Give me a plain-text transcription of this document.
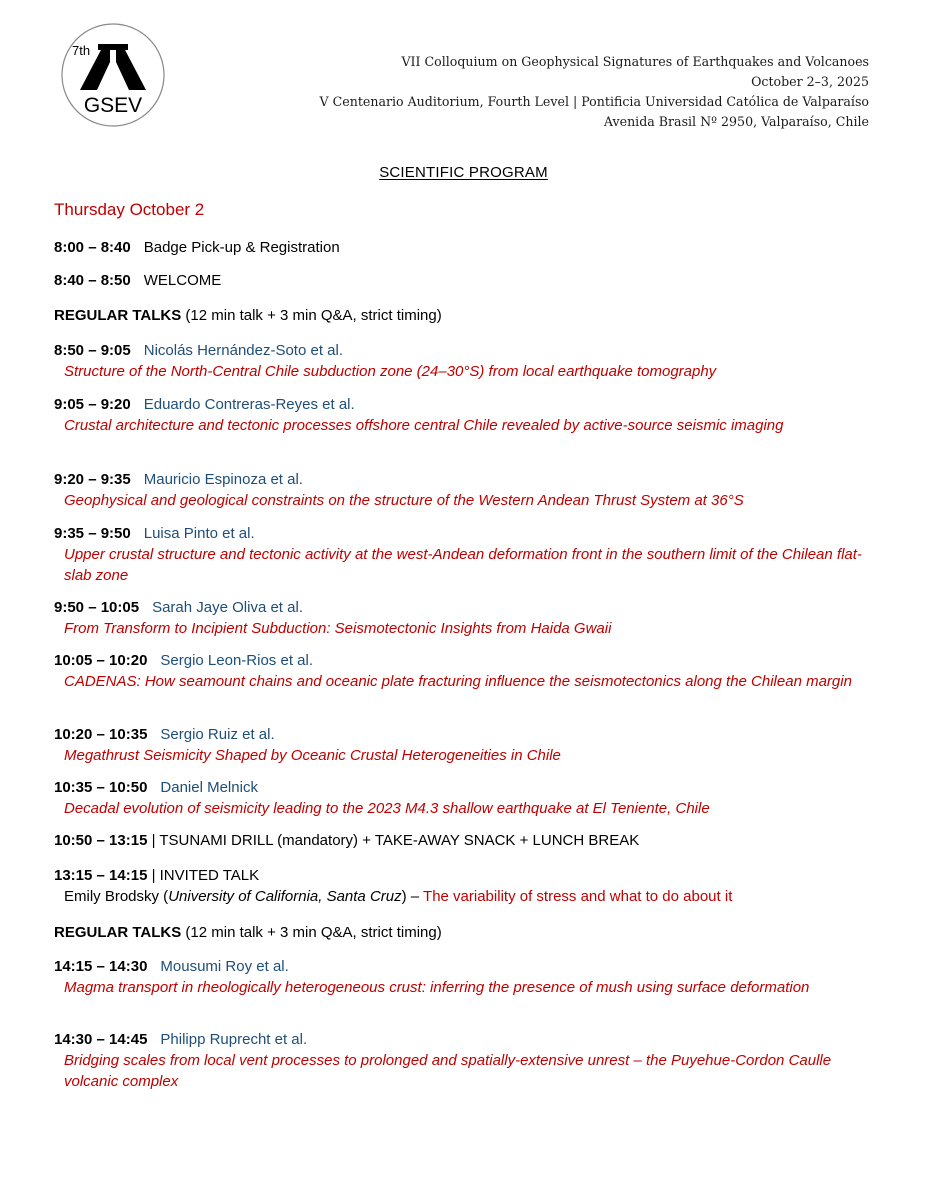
7th
GSEV
VII Colloquium on Geophysical Signatures of Earthquakes and Volcanoes
October 2–3, 2025
V Centenario Auditorium, Fourth Level | Pontificia Universidad Católica de Valparaíso
Avenida Brasil Nº 2950, Valparaíso, Chile
SCIENTIFIC PROGRAM
Thursday October 2
8:00 – 8:40 Badge Pick-up & Registration
8:40 – 8:50 WELCOME
REGULAR TALKS (12 min talk + 3 min Q&A, strict timing)
8:50 – 9:05 Nicolás Hernández-Soto et al.
Structure of the North-Central Chile subduction zone (24–30°S) from local earthquake tomography
9:05 – 9:20 Eduardo Contreras-Reyes et al.
Crustal architecture and tectonic processes offshore central Chile revealed by active-source seismic imaging
9:20 – 9:35 Mauricio Espinoza et al.
Geophysical and geological constraints on the structure of the Western Andean Thrust System at 36°S
9:35 – 9:50 Luisa Pinto et al.
Upper crustal structure and tectonic activity at the west-Andean deformation front in the southern limit of the Chilean flat-slab zone
9:50 – 10:05 Sarah Jaye Oliva et al.
From Transform to Incipient Subduction: Seismotectonic Insights from Haida Gwaii
10:05 – 10:20 Sergio Leon-Rios et al.
CADENAS: How seamount chains and oceanic plate fracturing influence the seismotectonics along the Chilean margin
10:20 – 10:35 Sergio Ruiz et al.
Megathrust Seismicity Shaped by Oceanic Crustal Heterogeneities in Chile
10:35 – 10:50 Daniel Melnick
Decadal evolution of seismicity leading to the 2023 M4.3 shallow earthquake at El Teniente, Chile
10:50 – 13:15 | TSUNAMI DRILL (mandatory) + TAKE-AWAY SNACK + LUNCH BREAK
13:15 – 14:15 | INVITED TALK
Emily Brodsky (University of California, Santa Cruz) – The variability of stress and what to do about it
REGULAR TALKS (12 min talk + 3 min Q&A, strict timing)
14:15 – 14:30 Mousumi Roy et al.
Magma transport in rheologically heterogeneous crust: inferring the presence of mush using surface deformation
14:30 – 14:45 Philipp Ruprecht et al.
Bridging scales from local vent processes to prolonged and spatially-extensive unrest – the Puyehue-Cordon Caulle volcanic complex
